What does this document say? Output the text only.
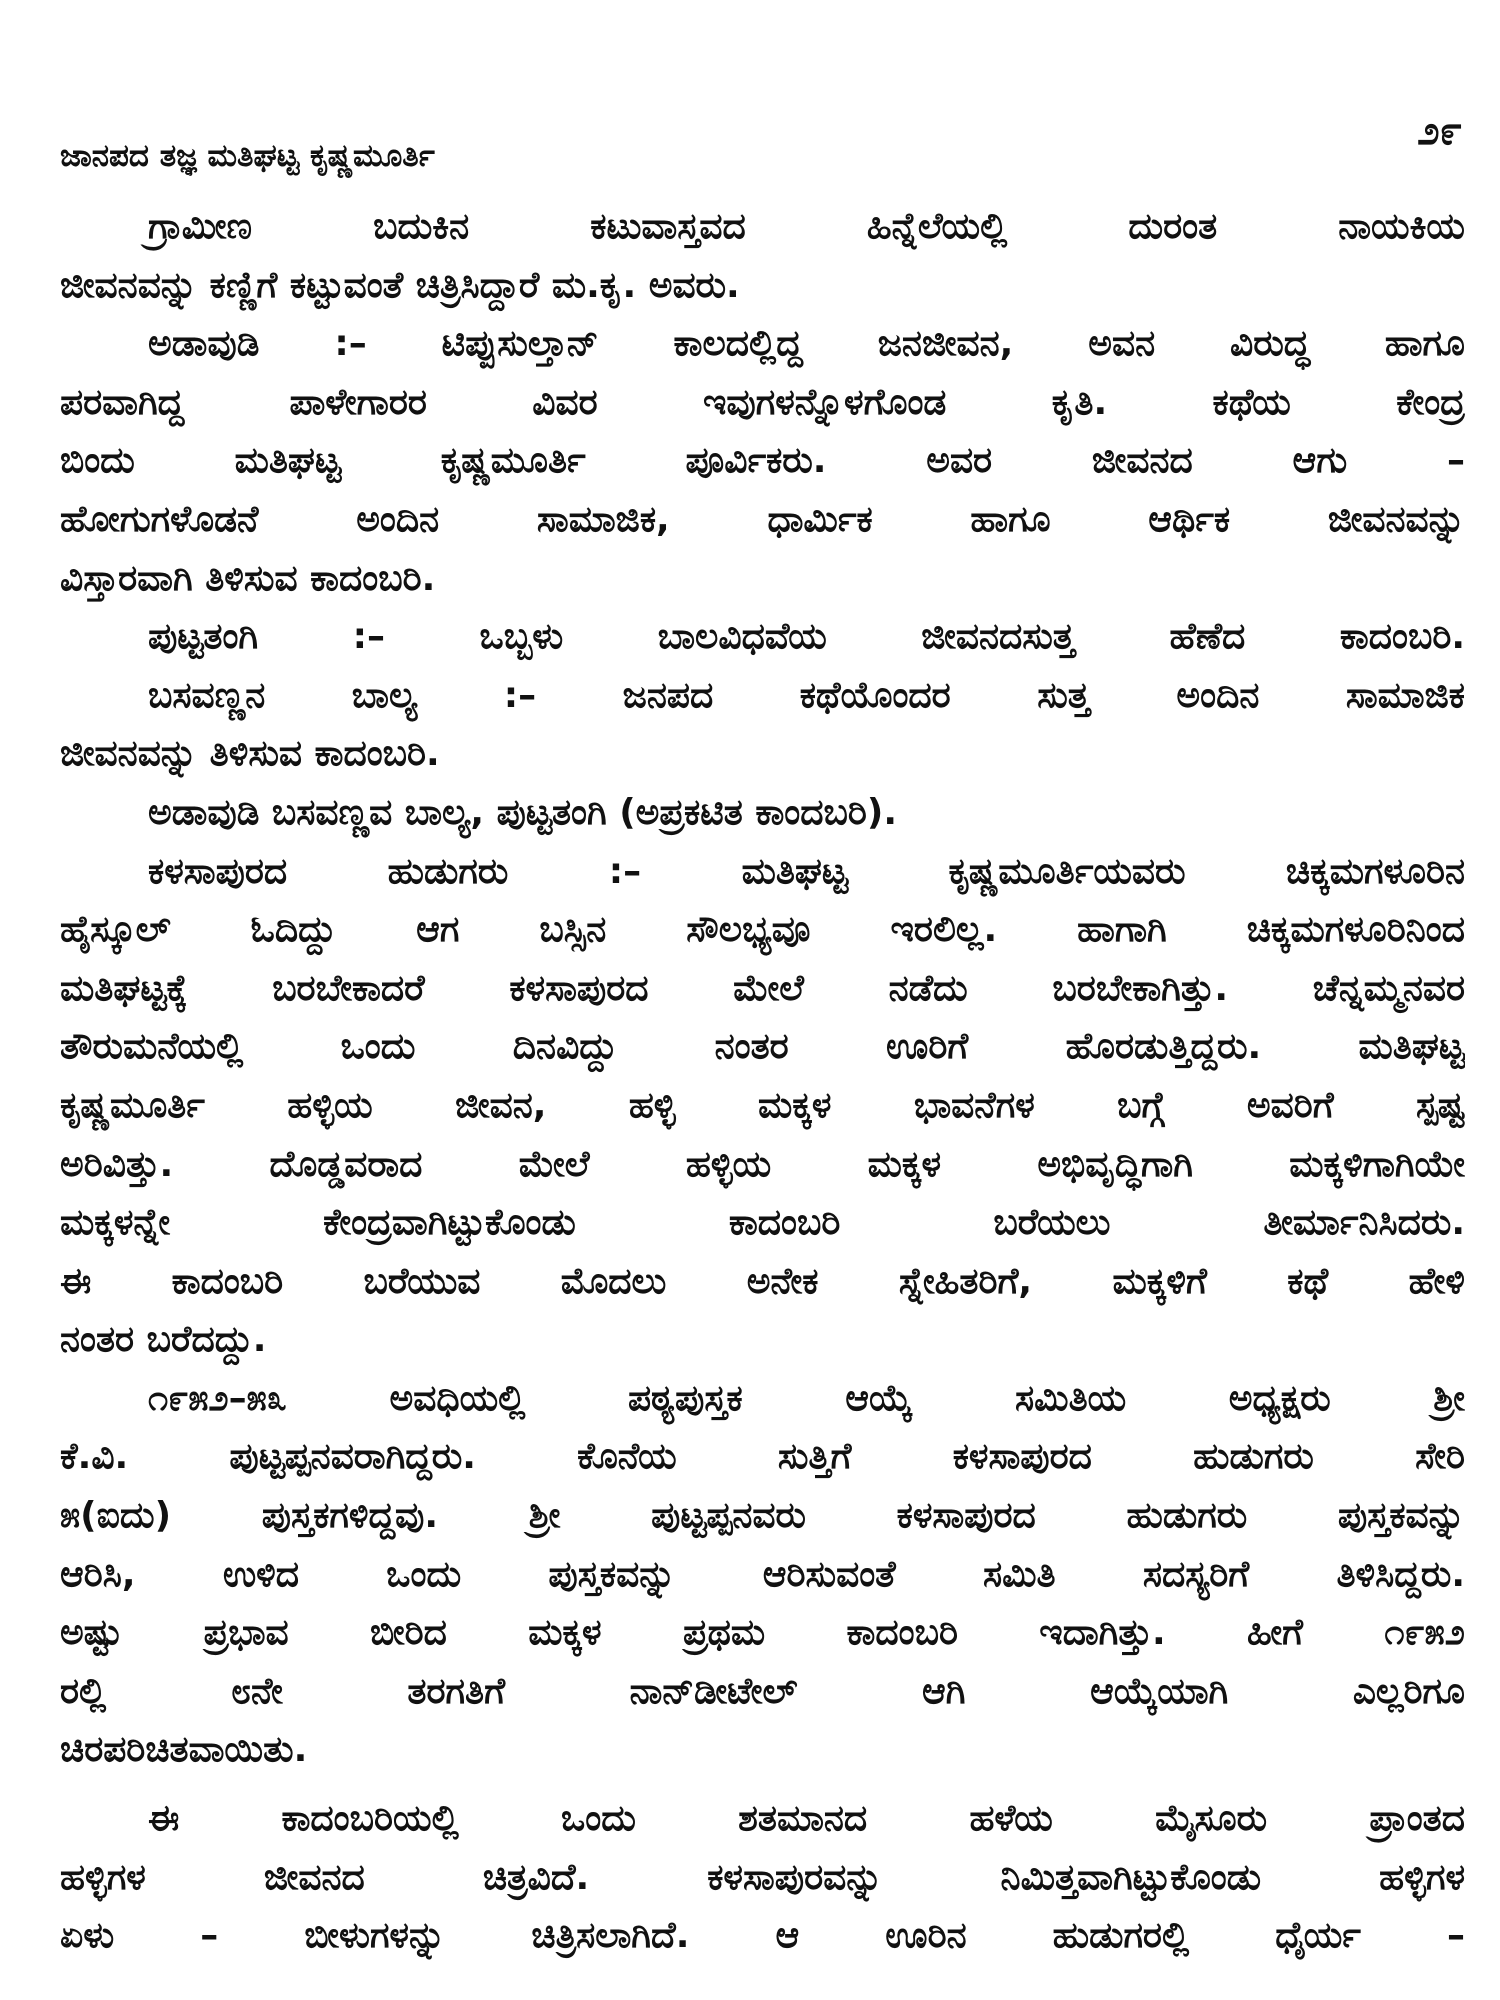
೨೯
ಜಾನಪದ ತಜ್ಞ ಮತಿಘಟ್ಟ ಕೃಷ್ಣಮೂರ್ತಿ
ಗ್ರಾಮೀಣ ಬದುಕಿನ ಕಟುವಾಸ್ತವದ ಹಿನ್ನೆಲೆಯಲ್ಲಿ ದುರಂತ ನಾಯಕಿಯ
ಜೀವನವನ್ನು ಕಣ್ಣಿಗೆ ಕಟ್ಟುವಂತೆ ಚಿತ್ರಿಸಿದ್ದಾರೆ ಮ.ಕೃ. ಅವರು.
ಅಡಾವುಡಿ :– ಟಿಪ್ಪುಸುಲ್ತಾನ್ ಕಾಲದಲ್ಲಿದ್ದ ಜನಜೀವನ, ಅವನ ವಿರುದ್ಧ ಹಾಗೂ
ಪರವಾಗಿದ್ದ ಪಾಳೇಗಾರರ ವಿವರ ಇವುಗಳನ್ನೊಳಗೊಂಡ ಕೃತಿ. ಕಥೆಯ ಕೇಂದ್ರ
ಬಿಂದು ಮತಿಘಟ್ಟ ಕೃಷ್ಣಮೂರ್ತಿ ಪೂರ್ವಿಕರು. ಅವರ ಜೀವನದ ಆಗು –
ಹೋಗುಗಳೊಡನೆ ಅಂದಿನ ಸಾಮಾಜಿಕ, ಧಾರ್ಮಿಕ ಹಾಗೂ ಆರ್ಥಿಕ ಜೀವನವನ್ನು
ವಿಸ್ತಾರವಾಗಿ ತಿಳಿಸುವ ಕಾದಂಬರಿ.
ಪುಟ್ಟತಂಗಿ :– ಒಬ್ಬಳು ಬಾಲವಿಧವೆಯ ಜೀವನದಸುತ್ತ ಹೆಣೆದ ಕಾದಂಬರಿ.
ಬಸವಣ್ಣನ ಬಾಲ್ಯ :– ಜನಪದ ಕಥೆಯೊಂದರ ಸುತ್ತ ಅಂದಿನ ಸಾಮಾಜಿಕ
ಜೀವನವನ್ನು ತಿಳಿಸುವ ಕಾದಂಬರಿ.
ಅಡಾವುಡಿ ಬಸವಣ್ಣವ ಬಾಲ್ಯ, ಪುಟ್ಟತಂಗಿ (ಅಪ್ರಕಟಿತ ಕಾಂದಬರಿ).
ಕಳಸಾಪುರದ ಹುಡುಗರು :– ಮತಿಘಟ್ಟ ಕೃಷ್ಣಮೂರ್ತಿಯವರು ಚಿಕ್ಕಮಗಳೂರಿನ
ಹೈಸ್ಕೂಲ್ ಓದಿದ್ದು ಆಗ ಬಸ್ಸಿನ ಸೌಲಭ್ಯವೂ ಇರಲಿಲ್ಲ. ಹಾಗಾಗಿ ಚಿಕ್ಕಮಗಳೂರಿನಿಂದ
ಮತಿಘಟ್ಟಕ್ಕೆ ಬರಬೇಕಾದರೆ ಕಳಸಾಪುರದ ಮೇಲೆ ನಡೆದು ಬರಬೇಕಾಗಿತ್ತು. ಚೆನ್ನಮ್ಮನವರ
ತೌರುಮನೆಯಲ್ಲಿ ಒಂದು ದಿನವಿದ್ದು ನಂತರ ಊರಿಗೆ ಹೊರಡುತ್ತಿದ್ದರು. ಮತಿಘಟ್ಟ
ಕೃಷ್ಣಮೂರ್ತಿ ಹಳ್ಳಿಯ ಜೀವನ, ಹಳ್ಳಿ ಮಕ್ಕಳ ಭಾವನೆಗಳ ಬಗ್ಗೆ ಅವರಿಗೆ ಸ್ಪಷ್ಟ
ಅರಿವಿತ್ತು. ದೊಡ್ಡವರಾದ ಮೇಲೆ ಹಳ್ಳಿಯ ಮಕ್ಕಳ ಅಭಿವೃದ್ಧಿಗಾಗಿ ಮಕ್ಕಳಿಗಾಗಿಯೇ
ಮಕ್ಕಳನ್ನೇ ಕೇಂದ್ರವಾಗಿಟ್ಟುಕೊಂಡು ಕಾದಂಬರಿ ಬರೆಯಲು ತೀರ್ಮಾನಿಸಿದರು.
ಈ ಕಾದಂಬರಿ ಬರೆಯುವ ಮೊದಲು ಅನೇಕ ಸ್ನೇಹಿತರಿಗೆ, ಮಕ್ಕಳಿಗೆ ಕಥೆ ಹೇಳಿ
ನಂತರ ಬರೆದದ್ದು.
೧೯೫೨–೫೩ ಅವಧಿಯಲ್ಲಿ ಪಠ್ಯಪುಸ್ತಕ ಆಯ್ಕೆ ಸಮಿತಿಯ ಅಧ್ಯಕ್ಷರು ಶ್ರೀ
ಕೆ.ವಿ. ಪುಟ್ಟಪ್ಪನವರಾಗಿದ್ದರು. ಕೊನೆಯ ಸುತ್ತಿಗೆ ಕಳಸಾಪುರದ ಹುಡುಗರು ಸೇರಿ
೫(ಐದು) ಪುಸ್ತಕಗಳಿದ್ದವು. ಶ್ರೀ ಪುಟ್ಟಪ್ಪನವರು ಕಳಸಾಪುರದ ಹುಡುಗರು ಪುಸ್ತಕವನ್ನು
ಆರಿಸಿ, ಉಳಿದ ಒಂದು ಪುಸ್ತಕವನ್ನು ಆರಿಸುವಂತೆ ಸಮಿತಿ ಸದಸ್ಯರಿಗೆ ತಿಳಿಸಿದ್ದರು.
ಅಷ್ಟು ಪ್ರಭಾವ ಬೀರಿದ ಮಕ್ಕಳ ಪ್ರಥಮ ಕಾದಂಬರಿ ಇದಾಗಿತ್ತು. ಹೀಗೆ ೧೯೫೨
ರಲ್ಲಿ ೮ನೇ ತರಗತಿಗೆ ನಾನ್‌ಡೀಟೇಲ್ ಆಗಿ ಆಯ್ಕೆಯಾಗಿ ಎಲ್ಲರಿಗೂ
ಚಿರಪರಿಚಿತವಾಯಿತು.
ಈ ಕಾದಂಬರಿಯಲ್ಲಿ ಒಂದು ಶತಮಾನದ ಹಳೆಯ ಮೈಸೂರು ಪ್ರಾಂತದ
ಹಳ್ಳಿಗಳ ಜೀವನದ ಚಿತ್ರವಿದೆ. ಕಳಸಾಪುರವನ್ನು ನಿಮಿತ್ತವಾಗಿಟ್ಟುಕೊಂಡು ಹಳ್ಳಿಗಳ
ಏಳು – ಬೀಳುಗಳನ್ನು ಚಿತ್ರಿಸಲಾಗಿದೆ. ಆ ಊರಿನ ಹುಡುಗರಲ್ಲಿ ಧೈರ್ಯ –
